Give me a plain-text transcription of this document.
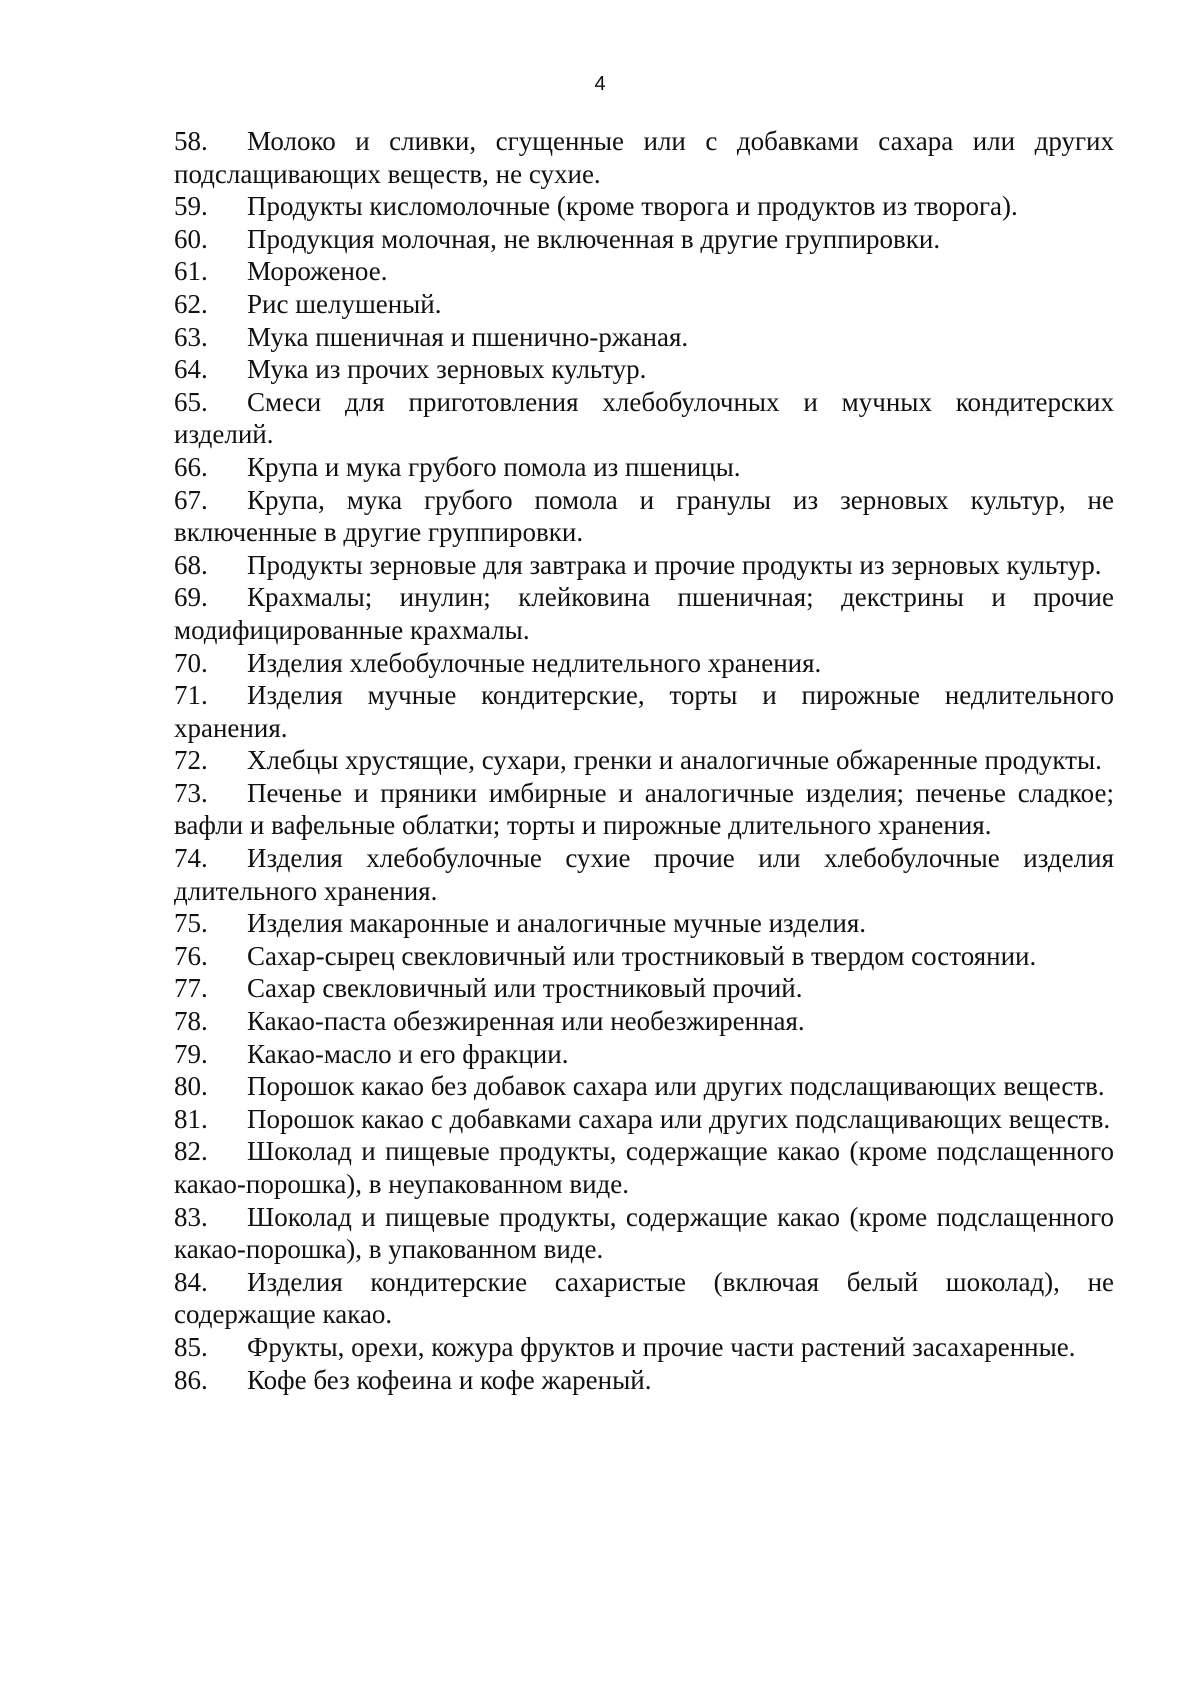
4

58. Молоко и сливки, сгущенные или с добавками сахара или других подслащивающих веществ, не сухие.

59. Продукты кисломолочные (кроме творога и продуктов из творога).

60. Продукция молочная, не включенная в другие группировки.

61. Мороженое.

62. Рис шелушеный.

63. Мука пшеничная и пшенично-ржаная.

64. Мука из прочих зерновых культур.

65. Смеси для приготовления хлебобулочных и мучных кондитерских изделий.

66. Крупа и мука грубого помола из пшеницы.

67. Крупа, мука грубого помола и гранулы из зерновых культур, не включенные в другие группировки.

68. Продукты зерновые для завтрака и прочие продукты из зерновых культур.

69. Крахмалы; инулин; клейковина пшеничная; декстрины и прочие модифицированные крахмалы.

70. Изделия хлебобулочные недлительного хранения.

71. Изделия мучные кондитерские, торты и пирожные недлительного хранения.

72. Хлебцы хрустящие, сухари, гренки и аналогичные обжаренные продукты.

73. Печенье и пряники имбирные и аналогичные изделия; печенье сладкое; вафли и вафельные облатки; торты и пирожные длительного хранения.

74. Изделия хлебобулочные сухие прочие или хлебобулочные изделия длительного хранения.

75. Изделия макаронные и аналогичные мучные изделия.

76. Сахар-сырец свекловичный или тростниковый в твердом состоянии.

77. Сахар свекловичный или тростниковый прочий.

78. Какао-паста обезжиренная или необезжиренная.

79. Какао-масло и его фракции.

80. Порошок какао без добавок сахара или других подслащивающих веществ.

81. Порошок какао с добавками сахара или других подслащивающих веществ.

82. Шоколад и пищевые продукты, содержащие какао (кроме подслащенного какао-порошка), в неупакованном виде.

83. Шоколад и пищевые продукты, содержащие какао (кроме подслащенного какао-порошка), в упакованном виде.

84. Изделия кондитерские сахаристые (включая белый шоколад), не содержащие какао.

85. Фрукты, орехи, кожура фруктов и прочие части растений засахаренные.

86. Кофе без кофеина и кофе жареный.
